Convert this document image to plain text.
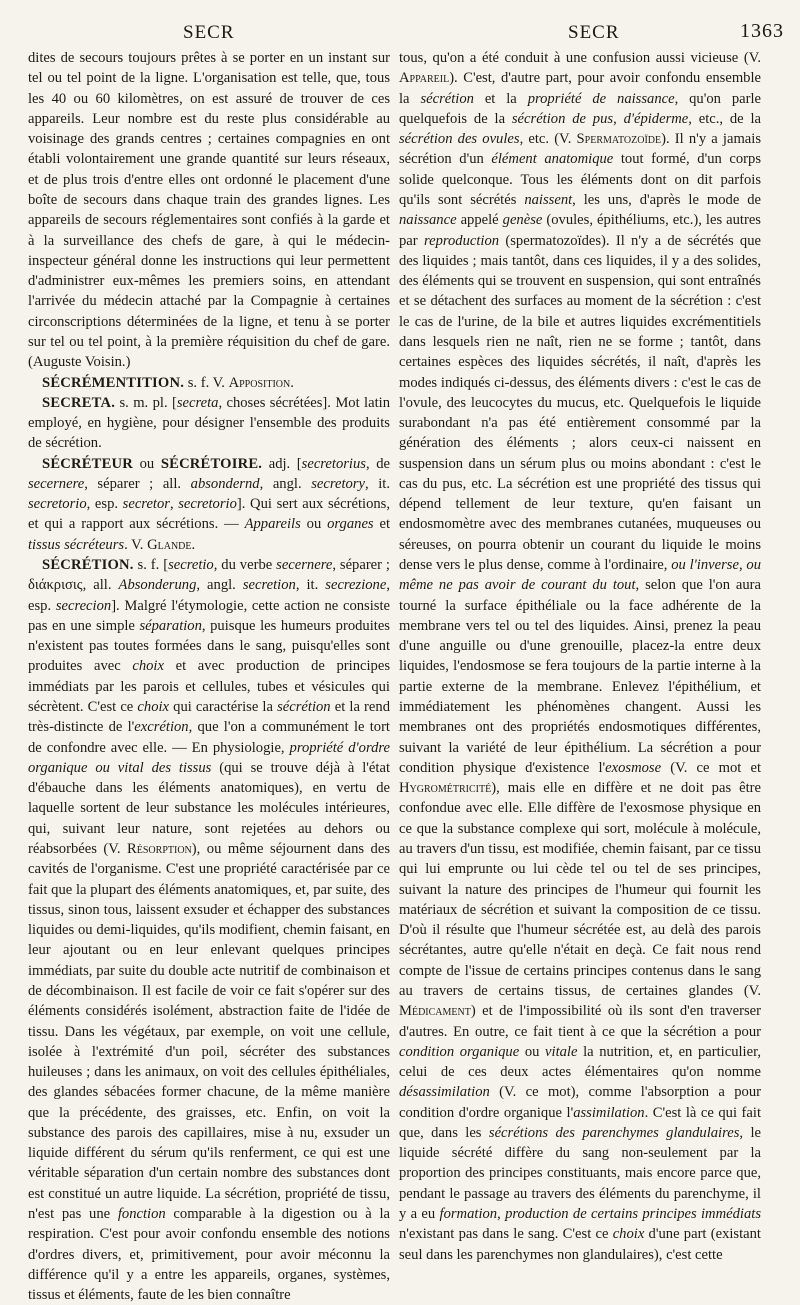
SECR	SECR	1363

dites de secours toujours prêtes à se porter en un instant sur tel ou tel point de la ligne. L'organisation est telle, que, tous les 40 ou 60 kilomètres, on est assuré de trouver de ces appareils. Leur nombre est du reste plus considérable au voisinage des grands centres ; certaines compagnies en ont établi volontairement une grande quantité sur leurs réseaux, et de plus trois d'entre elles ont ordonné le placement d'une boîte de secours dans chaque train des grandes lignes. Les appareils de secours réglementaires sont confiés à la garde et à la surveillance des chefs de gare, à qui le médecin-inspecteur général donne les instructions qui leur permettent d'administrer eux-mêmes les premiers soins, en attendant l'arrivée du médecin attaché par la Compagnie à certaines circonscriptions déterminées de la ligne, et tenu à se porter sur tel ou tel point, à la première réquisition du chef de gare. (Auguste Voisin.)

SÉCRÉMENTITION. s. f. V. Apposition.

SECRETA. s. m. pl. [secreta, choses sécrétées]. Mot latin employé, en hygiène, pour désigner l'ensemble des produits de sécrétion.

SÉCRÉTEUR ou SÉCRÉTOIRE. adj. [secretorius, de secernere, séparer ; all. absondernd, angl. secretory, it. secretorio, esp. secretor, secretorio]. Qui sert aux sécrétions, et qui a rapport aux sécrétions. — Appareils ou organes et tissus sécréteurs. V. Glande.

SÉCRÉTION. s. f. [secretio, du verbe secernere, séparer ; διάκρισις, all. Absonderung, angl. secretion, it. secrezione, esp. secrecion]. Malgré l'étymologie, cette action ne consiste pas en une simple séparation, puisque les humeurs produites n'existent pas toutes formées dans le sang, puisqu'elles sont produites avec choix et avec production de principes immédiats par les parois et cellules, tubes et vésicules qui sécrètent. C'est ce choix qui caractérise la sécrétion et la rend très-distincte de l'excrétion, que l'on a communément le tort de confondre avec elle. — En physiologie, propriété d'ordre organique ou vital des tissus (qui se trouve déjà à l'état d'ébauche dans les éléments anatomiques), en vertu de laquelle sortent de leur substance les molécules intérieures, qui, suivant leur nature, sont rejetées au dehors ou réabsorbées (V. Résorption), ou même séjournent dans des cavités de l'organisme. C'est une propriété caractérisée par ce fait que la plupart des éléments anatomiques, et, par suite, des tissus, sinon tous, laissent exsuder et échapper des substances liquides ou demi-liquides, qu'ils modifient, chemin faisant, en leur ajoutant ou en leur enlevant quelques principes immédiats, par suite du double acte nutritif de combinaison et de décombinaison. Il est facile de voir ce fait s'opérer sur des éléments considérés isolément, abstraction faite de l'idée de tissu. Dans les végétaux, par exemple, on voit une cellule, isolée à l'extrémité d'un poil, sécréter des substances huileuses ; dans les animaux, on voit des cellules épithéliales, des glandes sébacées former chacune, de la même manière que la précédente, des graisses, etc. Enfin, on voit la substance des parois des capillaires, mise à nu, exsuder un liquide différent du sérum qu'ils renferment, ce qui est une véritable séparation d'un certain nombre des substances dont est constitué un autre liquide. La sécrétion, propriété de tissu, n'est pas une fonction comparable à la digestion ou à la respiration. C'est pour avoir confondu ensemble des notions d'ordres divers, et, primitivement, pour avoir méconnu la différence qu'il y a entre les appareils, organes, systèmes, tissus et éléments, faute de les bien connaître

tous, qu'on a été conduit à une confusion aussi vicieuse (V. Appareil). C'est, d'autre part, pour avoir confondu ensemble la sécrétion et la propriété de naissance, qu'on parle quelquefois de la sécrétion de pus, d'épiderme, etc., de la sécrétion des ovules, etc. (V. Spermatozoïde). Il n'y a jamais sécrétion d'un élément anatomique tout formé, d'un corps solide quelconque. Tous les éléments dont on dit parfois qu'ils sont sécrétés naissent, les uns, d'après le mode de naissance appelé genèse (ovules, épithéliums, etc.), les autres par reproduction (spermatozoïdes). Il n'y a de sécrétés que des liquides ; mais tantôt, dans ces liquides, il y a des solides, des éléments qui se trouvent en suspension, qui sont entraînés et se détachent des surfaces au moment de la sécrétion : c'est le cas de l'urine, de la bile et autres liquides excrémentitiels dans lesquels rien ne naît, rien ne se forme ; tantôt, dans certaines espèces des liquides sécrétés, il naît, d'après les modes indiqués ci-dessus, des éléments divers : c'est le cas de l'ovule, des leucocytes du mucus, etc. Quelquefois le liquide surabondant n'a pas été entièrement consommé par la génération des éléments ; alors ceux-ci naissent en suspension dans un sérum plus ou moins abondant : c'est le cas du pus, etc. La sécrétion est une propriété des tissus qui dépend tellement de leur texture, qu'en faisant un endosmomètre avec des membranes cutanées, muqueuses ou séreuses, on pourra obtenir un courant du liquide le moins dense vers le plus dense, comme à l'ordinaire, ou l'inverse, ou même ne pas avoir de courant du tout, selon que l'on aura tourné la surface épithéliale ou la face adhérente de la membrane vers tel ou tel des liquides. Ainsi, prenez la peau d'une anguille ou d'une grenouille, placez-la entre deux liquides, l'endosmose se fera toujours de la partie interne à la partie externe de la membrane. Enlevez l'épithélium, et immédiatement les phénomènes changent. Aussi les membranes ont des propriétés endosmotiques différentes, suivant la variété de leur épithélium. La sécrétion a pour condition physique d'existence l'exosmose (V. ce mot et Hygrométricité), mais elle en diffère et ne doit pas être confondue avec elle. Elle diffère de l'exosmose physique en ce que la substance complexe qui sort, molécule à molécule, au travers d'un tissu, est modifiée, chemin faisant, par ce tissu qui lui emprunte ou lui cède tel ou tel de ses principes, suivant la nature des principes de l'humeur qui fournit les matériaux de sécrétion et suivant la composition de ce tissu. D'où il résulte que l'humeur sécrétée est, au delà des parois sécrétantes, autre qu'elle n'était en deçà. Ce fait nous rend compte de l'issue de certains principes contenus dans le sang au travers de certains tissus, de certaines glandes (V. Médicament) et de l'impossibilité où ils sont d'en traverser d'autres. En outre, ce fait tient à ce que la sécrétion a pour condition organique ou vitale la nutrition, et, en particulier, celui de ces deux actes élémentaires qu'on nomme désassimilation (V. ce mot), comme l'absorption a pour condition d'ordre organique l'assimilation. C'est là ce qui fait que, dans les sécrétions des parenchymes glandulaires, le liquide sécrété diffère du sang non-seulement par la proportion des principes constituants, mais encore parce que, pendant le passage au travers des éléments du parenchyme, il y a eu formation, production de certains principes immédiats n'existant pas dans le sang. C'est ce choix d'une part (existant seul dans les parenchymes non glandulaires), c'est cette
